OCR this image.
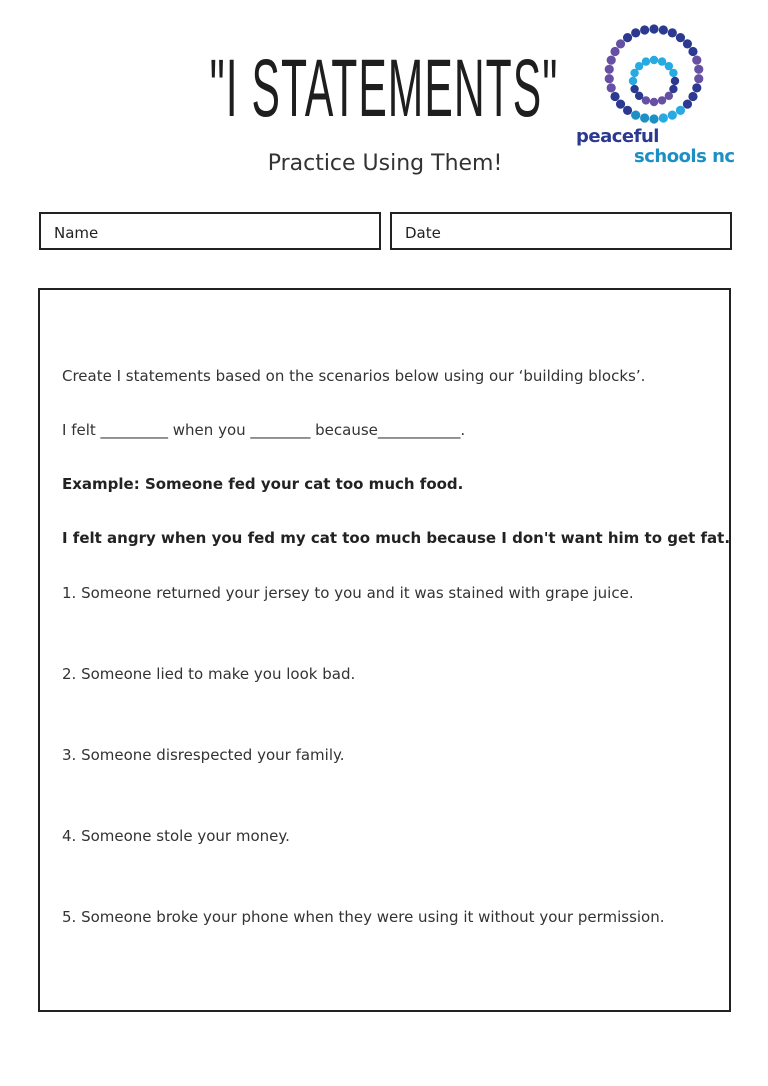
"I STATEMENTS"
Practice Using Them!
peaceful
schools nc
Name	Date
Create I statements based on the scenarios below using our ‘building blocks’.
I felt _________ when you ________ because___________.
Example: Someone fed your cat too much food.
I felt angry when you fed my cat too much because I don't want him to get fat.
1. Someone returned your jersey to you and it was stained with grape juice.
2. Someone lied to make you look bad.
3. Someone disrespected your family.
4. Someone stole your money.
5. Someone broke your phone when they were using it without your permission.
